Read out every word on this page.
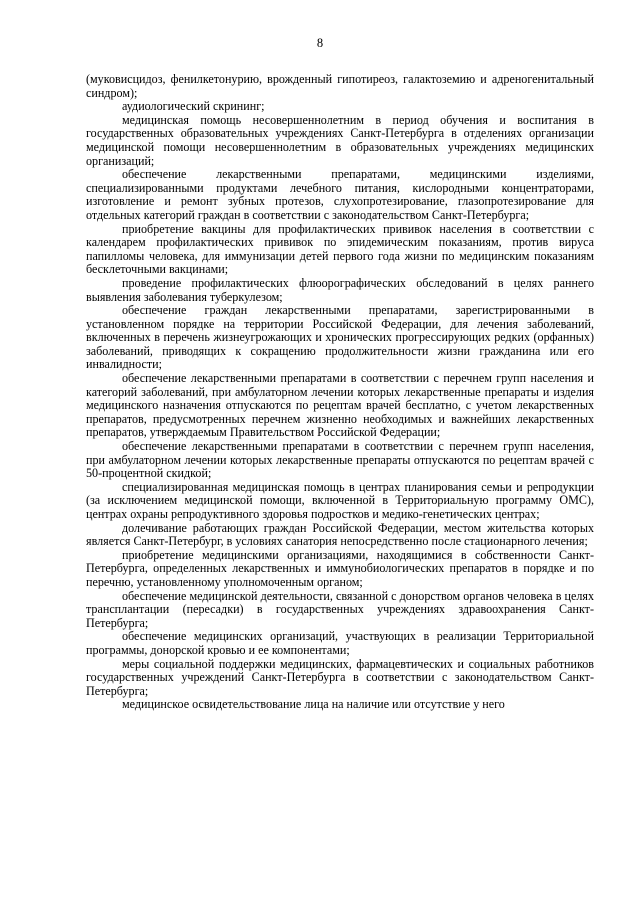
8

(муковисцидоз, фенилкетонурию, врожденный гипотиреоз, галактоземию и адреногенитальный синдром);

аудиологический скрининг;

медицинская помощь несовершеннолетним в период обучения и воспитания в государственных образовательных учреждениях Санкт-Петербурга в отделениях организации медицинской помощи несовершеннолетним в образовательных учреждениях медицинских организаций;

обеспечение лекарственными препаратами, медицинскими изделиями, специализированными продуктами лечебного питания, кислородными концентраторами, изготовление и ремонт зубных протезов, слухопротезирование, глазопротезирование для отдельных категорий граждан в соответствии с законодательством Санкт-Петербурга;

приобретение вакцины для профилактических прививок населения в соответствии с календарем профилактических прививок по эпидемическим показаниям, против вируса папилломы человека, для иммунизации детей первого года жизни по медицинским показаниям бесклеточными вакцинами;

проведение профилактических флюорографических обследований в целях раннего выявления заболевания туберкулезом;

обеспечение граждан лекарственными препаратами, зарегистрированными в установленном порядке на территории Российской Федерации, для лечения заболеваний, включенных в перечень жизнеугрожающих и хронических прогрессирующих редких (орфанных) заболеваний, приводящих к сокращению продолжительности жизни гражданина или его инвалидности;

обеспечение лекарственными препаратами в соответствии с перечнем групп населения и категорий заболеваний, при амбулаторном лечении которых лекарственные препараты и изделия медицинского назначения отпускаются по рецептам врачей бесплатно, с учетом лекарственных препаратов, предусмотренных перечнем жизненно необходимых и важнейших лекарственных препаратов, утверждаемым Правительством Российской Федерации;

обеспечение лекарственными препаратами в соответствии с перечнем групп населения, при амбулаторном лечении которых лекарственные препараты отпускаются по рецептам врачей с 50-процентной скидкой;

специализированная медицинская помощь в центрах планирования семьи и репродукции (за исключением медицинской помощи, включенной в Территориальную программу ОМС), центрах охраны репродуктивного здоровья подростков и медико-генетических центрах;

долечивание работающих граждан Российской Федерации, местом жительства которых является Санкт-Петербург, в условиях санатория непосредственно после стационарного лечения;

приобретение медицинскими организациями, находящимися в собственности Санкт-Петербурга, определенных лекарственных и иммунобиологических препаратов в порядке и по перечню, установленному уполномоченным органом;

обеспечение медицинской деятельности, связанной с донорством органов человека в целях трансплантации (пересадки) в государственных учреждениях здравоохранения Санкт-Петербурга;

обеспечение медицинских организаций, участвующих в реализации Территориальной программы, донорской кровью и ее компонентами;

меры социальной поддержки медицинских, фармацевтических и социальных работников государственных учреждений Санкт-Петербурга в соответствии с законодательством Санкт-Петербурга;

медицинское освидетельствование лица на наличие или отсутствие у него
